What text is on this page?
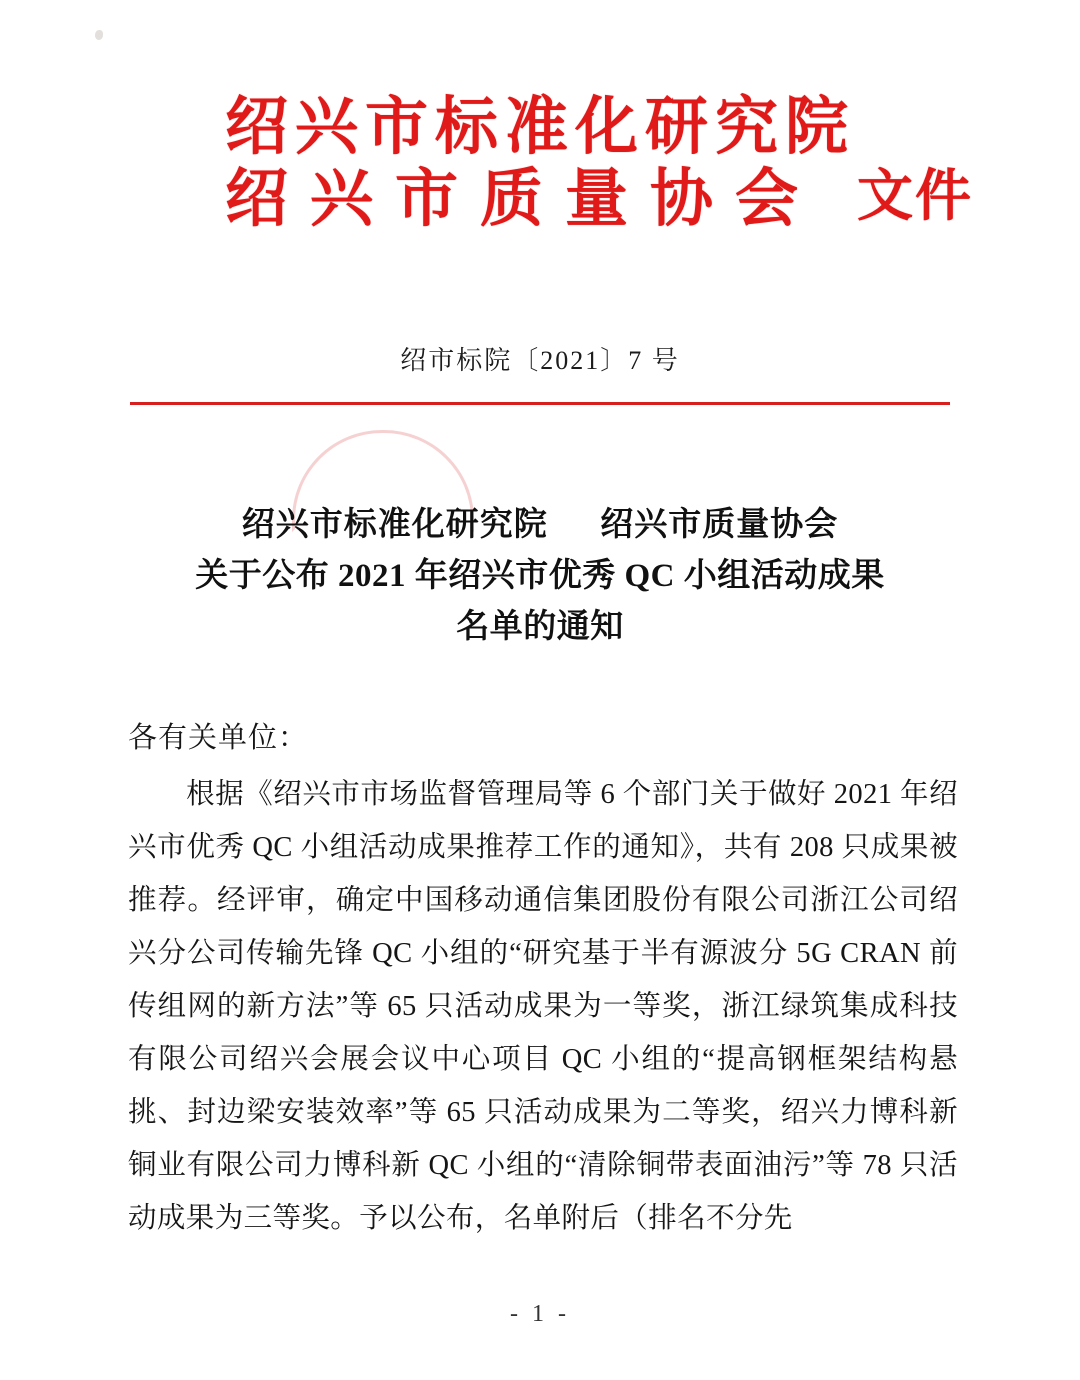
绍兴市标准化研究院
绍兴市质量协会 文件
绍市标院〔2021〕7 号
绍兴市标准化研究院 绍兴市质量协会
关于公布 2021 年绍兴市优秀 QC 小组活动成果
名单的通知
各有关单位：

根据《绍兴市市场监督管理局等 6 个部门关于做好 2021 年绍兴市优秀 QC 小组活动成果推荐工作的通知》，共有 208 只成果被推荐。经评审，确定中国移动通信集团股份有限公司浙江公司绍兴分公司传输先锋 QC 小组的“研究基于半有源波分 5G CRAN 前传组网的新方法”等 65 只活动成果为一等奖，浙江绿筑集成科技有限公司绍兴会展会议中心项目 QC 小组的“提高钢框架结构悬挑、封边梁安装效率”等 65 只活动成果为二等奖，绍兴力博科新铜业有限公司力博科新 QC 小组的“清除铜带表面油污”等 78 只活动成果为三等奖。予以公布，名单附后（排名不分先

- 1 -
